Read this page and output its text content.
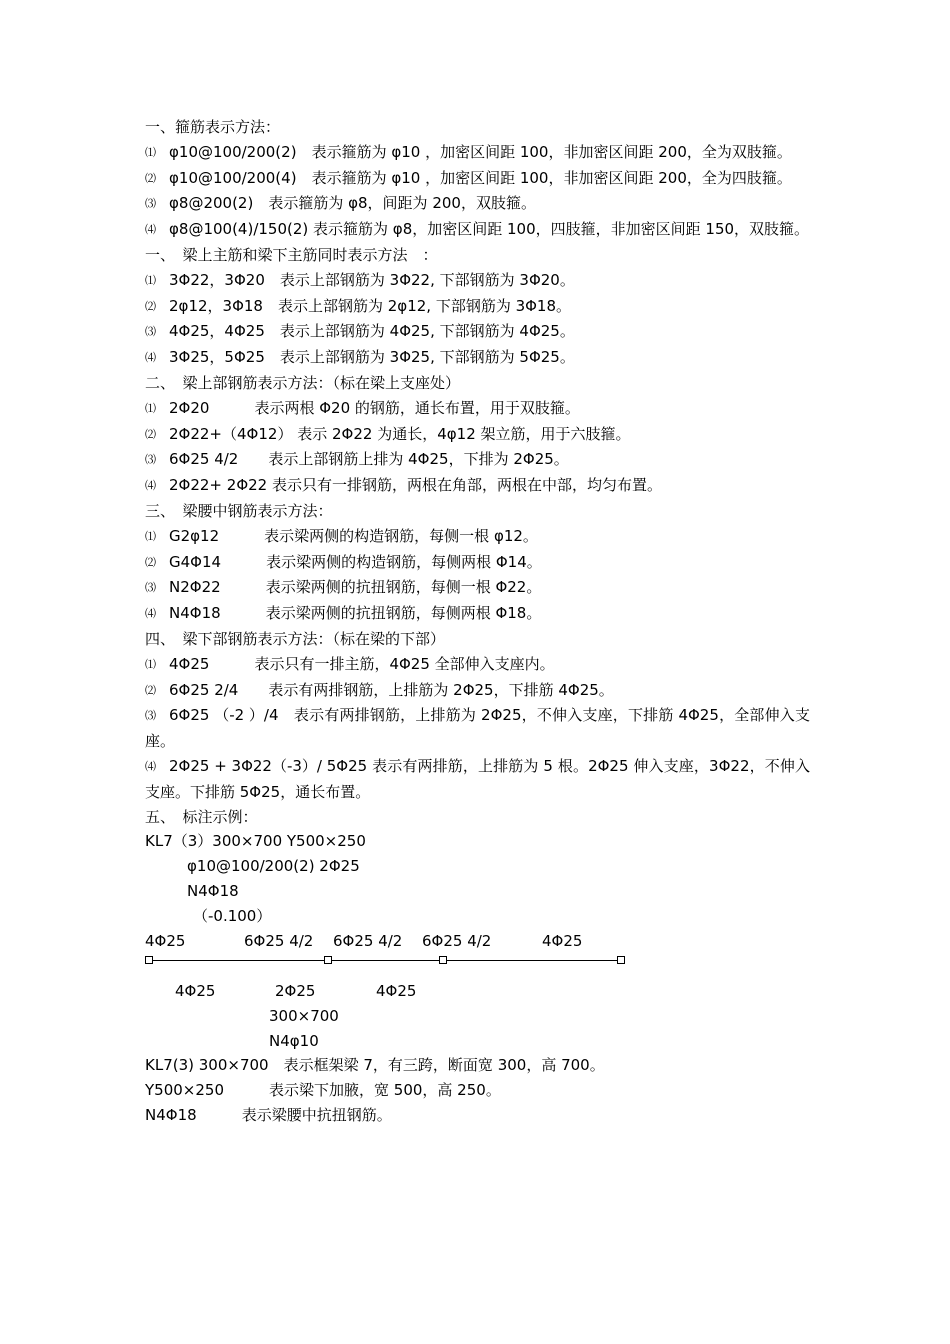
一、箍筋表示方法：
⑴ φ10@100/200(2)　 表示箍筋为 φ10 ，加密区间距 100，非加密区间距 200，全为双肢箍。
⑵ φ10@100/200(4)　 表示箍筋为 φ10 ，加密区间距 100，非加密区间距 200，全为四肢箍。
⑶ φ8@200(2)　 表示箍筋为 φ8，间距为 200，双肢箍。
⑷ φ8@100(4)/150(2) 表示箍筋为 φ8，加密区间距 100，四肢箍，非加密区间距 150，双肢箍。
一、　梁上主筋和梁下主筋同时表示方法　：
⑴ 3Φ22，3Φ20　 表示上部钢筋为 3Φ22, 下部钢筋为 3Φ20。
⑵ 2φ12，3Φ18　 表示上部钢筋为 2φ12, 下部钢筋为 3Φ18。
⑶ 4Φ25，4Φ25　 表示上部钢筋为 4Φ25, 下部钢筋为 4Φ25。
⑷ 3Φ25，5Φ25　 表示上部钢筋为 3Φ25, 下部钢筋为 5Φ25。
二、　梁上部钢筋表示方法：（标在梁上支座处）
⑴ 2Φ20　　　	表示两根 Φ20 的钢筋，通长布置，用于双肢箍。
⑵ 2Φ22+（4Φ12） 表示 2Φ22 为通长，4φ12 架立筋，用于六肢箍。
⑶ 6Φ25 4/2　　 表示上部钢筋上排为 4Φ25，下排为 2Φ25。
⑷ 2Φ22+ 2Φ22 表示只有一排钢筋，两根在角部，两根在中部，均匀布置。
三、　梁腰中钢筋表示方法：
⑴ G2φ12　　　	表示梁两侧的构造钢筋，每侧一根 φ12。
⑵ G4Φ14　　　	表示梁两侧的构造钢筋，每侧两根 Φ14。
⑶ N2Φ22　　　	表示梁两侧的抗扭钢筋，每侧一根 Φ22。
⑷ N4Φ18　　　	表示梁两侧的抗扭钢筋，每侧两根 Φ18。
四、　梁下部钢筋表示方法：（标在梁的下部）
⑴ 4Φ25　　　	表示只有一排主筋，4Φ25 全部伸入支座内。
⑵ 6Φ25 2/4　　 表示有两排钢筋，上排筋为 2Φ25，下排筋 4Φ25。
⑶ 6Φ25 （-2 ）/4　 表示有两排钢筋，上排筋为 2Φ25，不伸入支座，下排筋 4Φ25，全部伸入支座。
⑷ 2Φ25 + 3Φ22（-3）/ 5Φ25 表示有两排筋，上排筋为 5 根。2Φ25 伸入支座，3Φ22，不伸入支座。下排筋 5Φ25，通长布置。
五、　标注示例：
KL7（3）300×700 Y500×250
φ10@100/200(2) 2Φ25
N4Φ18
（-0.100）
4Φ25	6Φ25 4/2 6Φ25 4/2 6Φ25 4/2	4Φ25
4Φ25	2Φ25	4Φ25
300×700
N4φ10
KL7(3) 300×700　 表示框架梁 7，有三跨，断面宽 300，高 700。
Y500×250　　　	表示梁下加腋，宽 500，高 250。
N4Φ18　　　	表示梁腰中抗扭钢筋。
